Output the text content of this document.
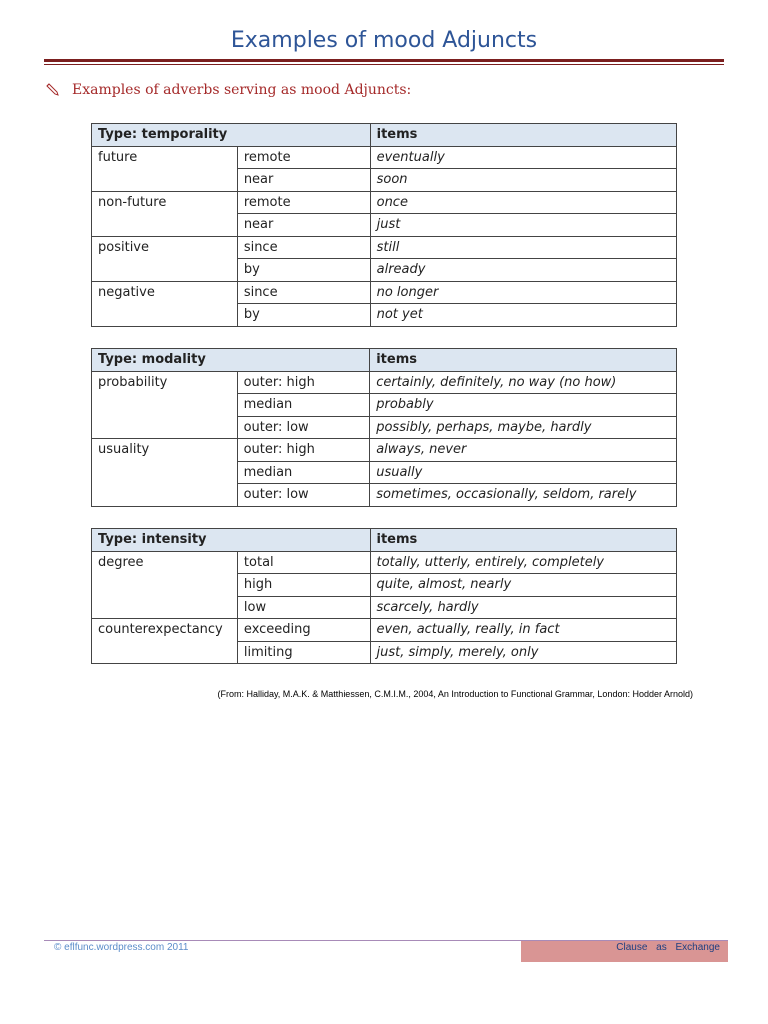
Examples of mood Adjuncts
Examples of adverbs serving as mood Adjuncts:
Type: temporality		items
future	remote	eventually
	near	soon
non-future	remote	once
	near	just
positive	since	still
	by	already
negative	since	no longer
	by	not yet
Type: modality		items
probability	outer: high	certainly, definitely, no way (no how)
	median	probably
	outer: low	possibly, perhaps, maybe, hardly
usuality	outer: high	always, never
	median	usually
	outer: low	sometimes, occasionally, seldom, rarely
Type: intensity		items
degree	total	totally, utterly, entirely, completely
	high	quite, almost, nearly
	low	scarcely, hardly
counterexpectancy	exceeding	even, actually, really, in fact
	limiting	just, simply, merely, only
(From: Halliday, M.A.K. & Matthiessen, C.M.I.M., 2004, An Introduction to Functional Grammar, London: Hodder Arnold)
© eflfunc.wordpress.com 2011	Clause as Exchange
